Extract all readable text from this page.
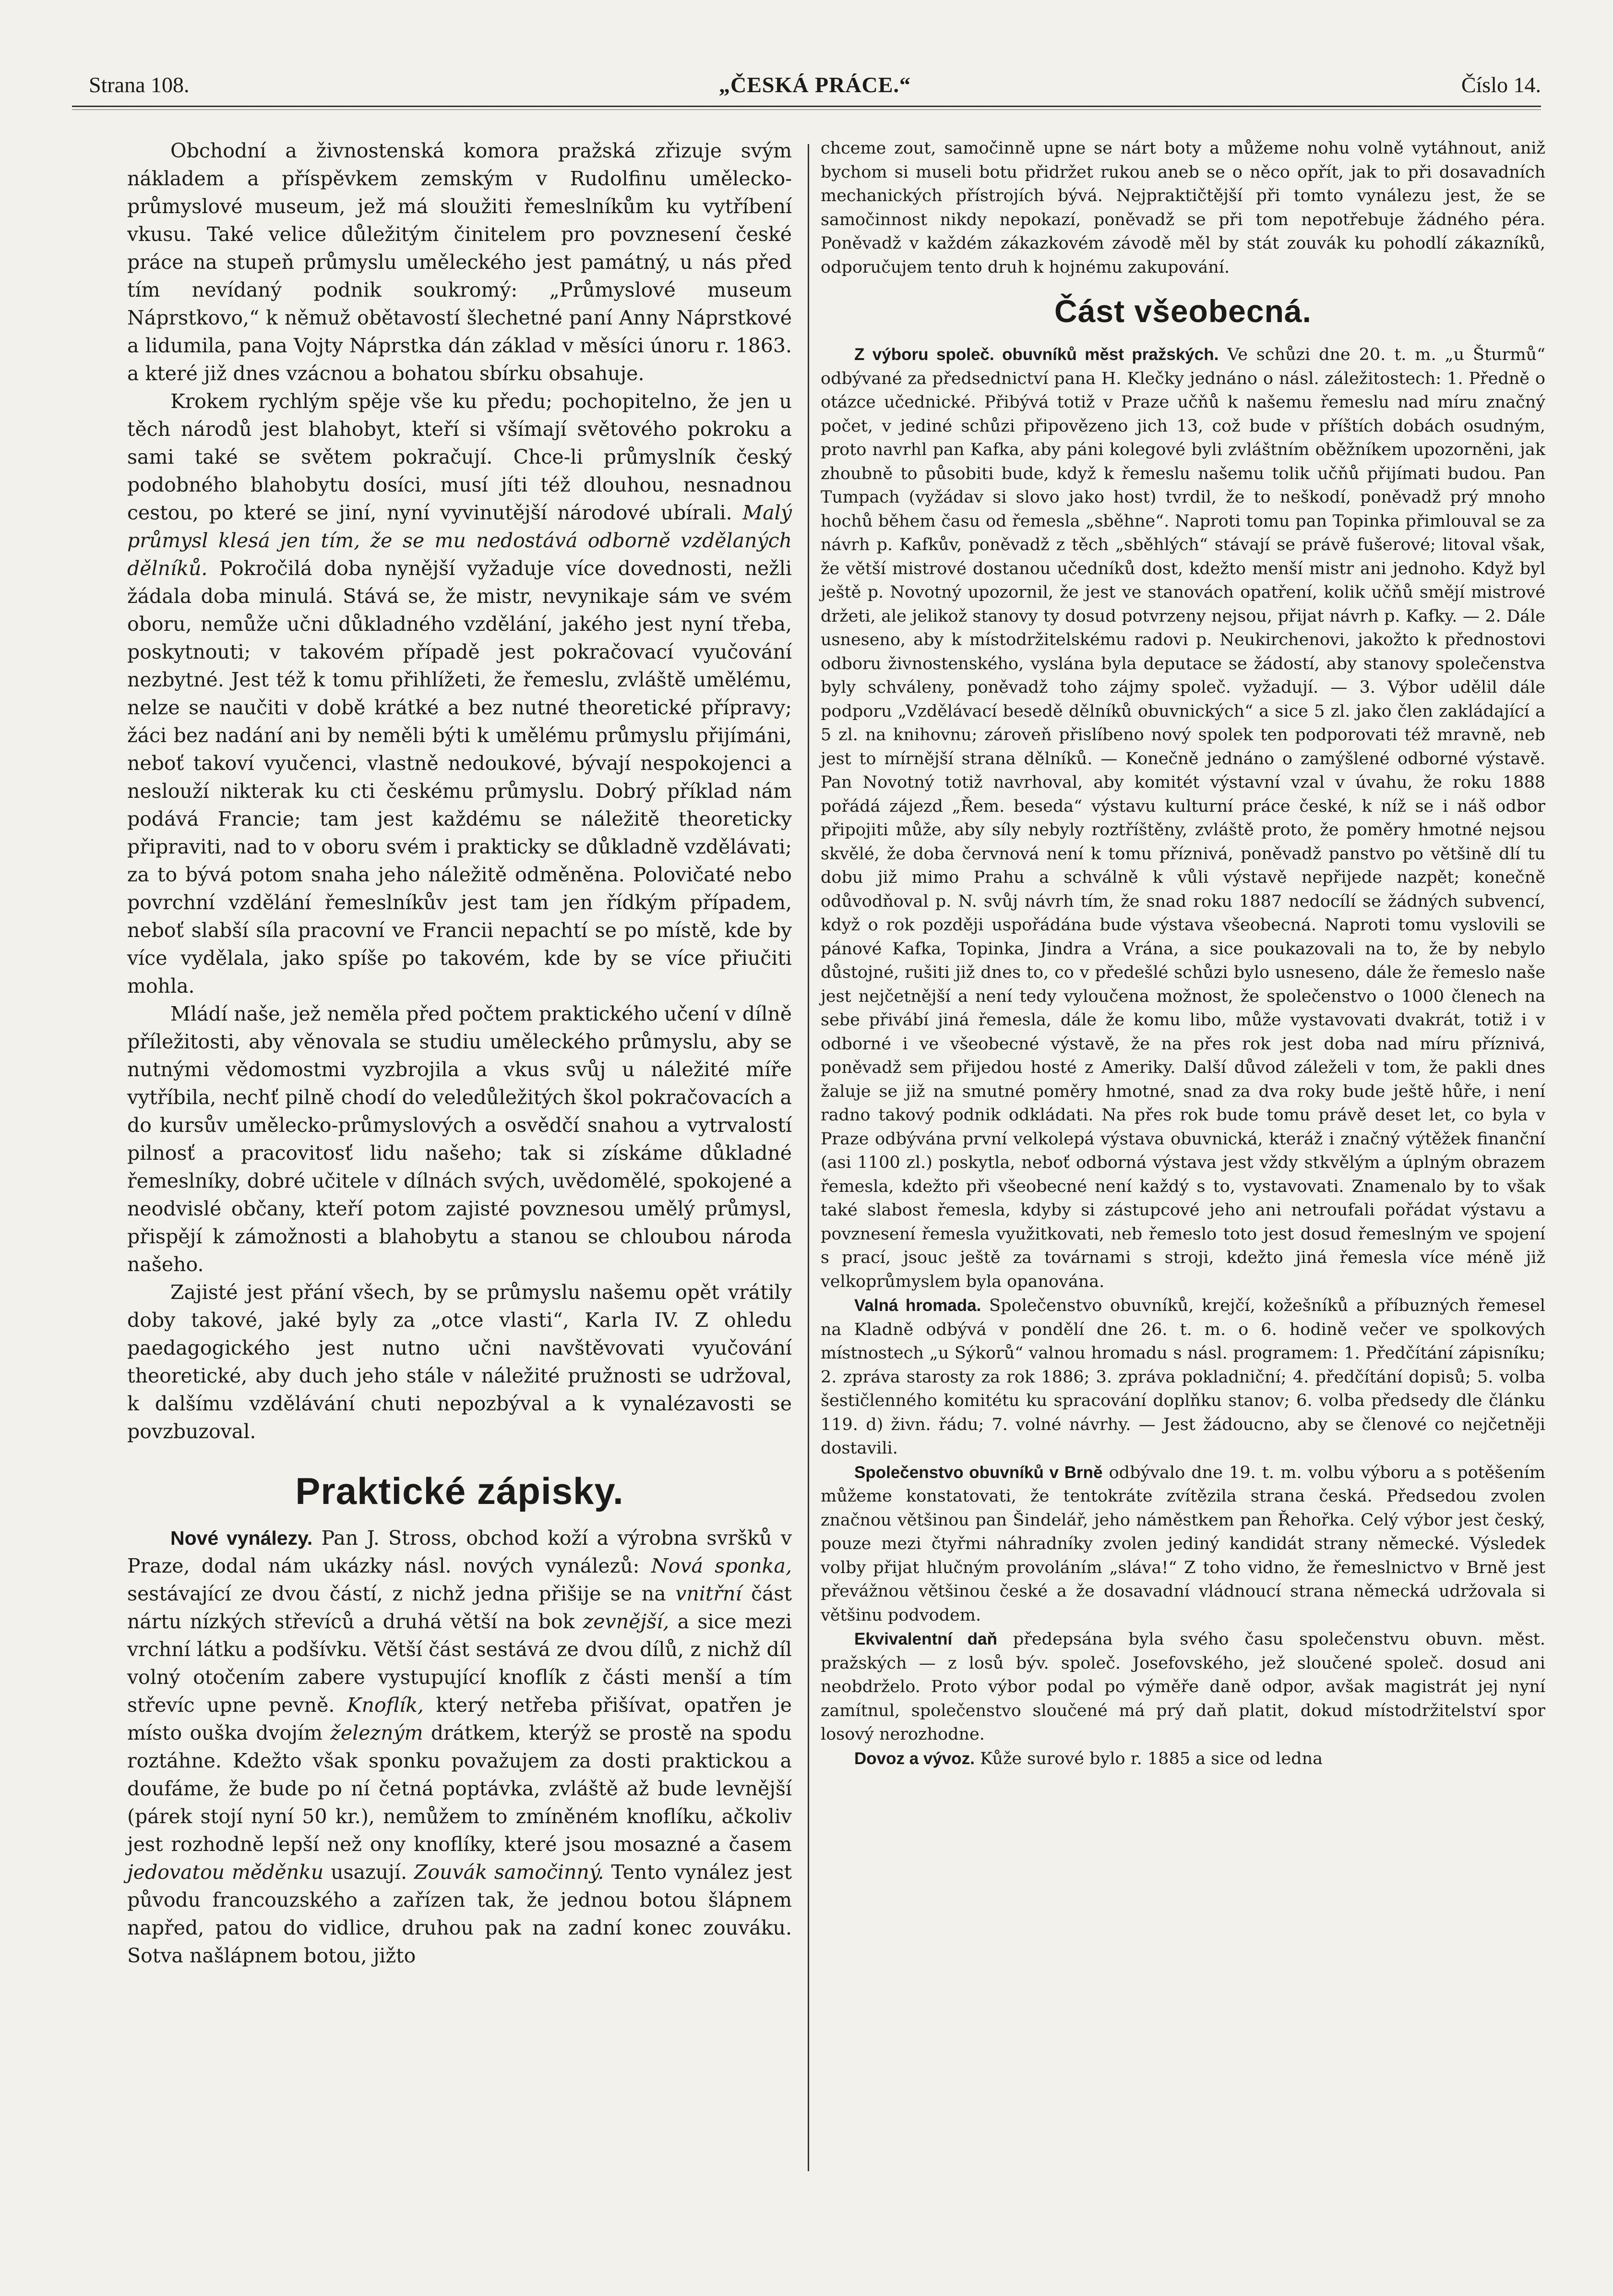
Strana 108.	„ČESKÁ PRÁCE.“	Číslo 14.

Obchodní a živnostenská komora pražská zřizuje svým nákladem a příspěvkem zemským v Rudolfinu umělecko-průmyslové museum, jež má sloužiti řemeslníkům ku vytříbení vkusu. Také velice důležitým činitelem pro povznesení české práce na stupeň průmyslu uměleckého jest památný, u nás před tím nevídaný podnik soukromý: „Průmyslové museum Náprstkovo,“ k němuž obětavostí šlechetné paní Anny Náprstkové a lidumila, pana Vojty Náprstka dán základ v měsíci únoru r. 1863. a které již dnes vzácnou a bohatou sbírku obsahuje.

Krokem rychlým spěje vše ku předu; pochopitelno, že jen u těch národů jest blahobyt, kteří si všímají světového pokroku a sami také se světem pokračují. Chce-li průmyslník český podobného blahobytu dosíci, musí jíti též dlouhou, nesnadnou cestou, po které se jiní, nyní vyvinutější národové ubírali. Malý průmysl klesá jen tím, že se mu nedostává odborně vzdělaných dělníků. Pokročilá doba nynější vyžaduje více dovednosti, nežli žádala doba minulá. Stává se, že mistr, nevynikaje sám ve svém oboru, nemůže učni důkladného vzdělání, jakého jest nyní třeba, poskytnouti; v takovém případě jest pokračovací vyučování nezbytné. Jest též k tomu přihlížeti, že řemeslu, zvláště umělému, nelze se naučiti v době krátké a bez nutné theoretické přípravy; žáci bez nadání ani by neměli býti k umělému průmyslu přijímáni, neboť takoví vyučenci, vlastně nedoukové, bývají nespokojenci a neslouží nikterak ku cti českému průmyslu. Dobrý příklad nám podává Francie; tam jest každému se náležitě theoreticky připraviti, nad to v oboru svém i prakticky se důkladně vzdělávati; za to bývá potom snaha jeho náležitě odměněna. Polovičaté nebo povrchní vzdělání řemeslníkův jest tam jen řídkým případem, neboť slabší síla pracovní ve Francii nepachtí se po místě, kde by více vydělala, jako spíše po takovém, kde by se více přiučiti mohla.

Mládí naše, jež neměla před počtem praktického učení v dílně příležitosti, aby věnovala se studiu uměleckého průmyslu, aby se nutnými vědomostmi vyzbrojila a vkus svůj u náležité míře vytříbila, nechť pilně chodí do veledůležitých škol pokračovacích a do kursův umělecko-průmyslových a osvědčí snahou a vytrvalostí pilnosť a pracovitosť lidu našeho; tak si získáme důkladné řemeslníky, dobré učitele v dílnách svých, uvědomělé, spokojené a neodvislé občany, kteří potom zajisté povznesou umělý průmysl, přispějí k zámožnosti a blahobytu a stanou se chloubou národa našeho.

Zajisté jest přání všech, by se průmyslu našemu opět vrátily doby takové, jaké byly za „otce vlasti“, Karla IV. Z ohledu paedagogického jest nutno učni navštěvovati vyučování theoretické, aby duch jeho stále v náležité pružnosti se udržoval, k dalšímu vzdělávání chuti nepozbýval a k vynalézavosti se povzbuzoval.

Praktické zápisky.

Nové vynálezy. Pan J. Stross, obchod koží a výrobna svršků v Praze, dodal nám ukázky násl. nových vynálezů: Nová sponka, sestávající ze dvou částí, z nichž jedna přišije se na vnitřní část nártu nízkých střevíců a druhá větší na bok zevnější, a sice mezi vrchní látku a podšívku. Větší část sestává ze dvou dílů, z nichž díl volný otočením zabere vystupující knoflík z části menší a tím střevíc upne pevně. Knoflík, který netřeba přišívat, opatřen je místo ouška dvojím železným drátkem, kterýž se prostě na spodu roztáhne. Kdežto však sponku považujem za dosti praktickou a doufáme, že bude po ní četná poptávka, zvláště až bude levnější (párek stojí nyní 50 kr.), nemůžem to zmíněném knoflíku, ačkoliv jest rozhodně lepší než ony knoflíky, které jsou mosazné a časem jedovatou měděnku usazují. Zouvák samočinný. Tento vynález jest původu francouzského a zařízen tak, že jednou botou šlápnem napřed, patou do vidlice, druhou pak na zadní konec zouváku. Sotva našlápnem botou, jižto

chceme zout, samočinně upne se nárt boty a můžeme nohu volně vytáhnout, aniž bychom si museli botu přidržet rukou aneb se o něco opřít, jak to při dosavadních mechanických přístrojích bývá. Nejpraktičtější při tomto vynálezu jest, že se samočinnost nikdy nepokazí, poněvadž se při tom nepotřebuje žádného péra. Poněvadž v každém zákazkovém závodě měl by stát zouvák ku pohodlí zákazníků, odporučujem tento druh k hojnému zakupování.

Část všeobecná.

Z výboru společ. obuvníků měst pražských. Ve schůzi dne 20. t. m. „u Šturmů“ odbývané za předsednictví pana H. Klečky jednáno o násl. záležitostech: 1. Předně o otázce učednické. Přibývá totiž v Praze učňů k našemu řemeslu nad míru značný počet, v jediné schůzi připovězeno jich 13, což bude v příštích dobách osudným, proto navrhl pan Kafka, aby páni kolegové byli zvláštním oběžníkem upozorněni, jak zhoubně to působiti bude, když k řemeslu našemu tolik učňů přijímati budou. Pan Tumpach (vyžádav si slovo jako host) tvrdil, že to neškodí, poněvadž prý mnoho hochů během času od řemesla „sběhne“. Naproti tomu pan Topinka přimlouval se za návrh p. Kafkův, poněvadž z těch „sběhlých“ stávají se právě fušerové; litoval však, že větší mistrové dostanou učedníků dost, kdežto menší mistr ani jednoho. Když byl ještě p. Novotný upozornil, že jest ve stanovách opatření, kolik učňů smějí mistrové držeti, ale jelikož stanovy ty dosud potvrzeny nejsou, přijat návrh p. Kafky. — 2. Dále usneseno, aby k místodržitelskému radovi p. Neukirchenovi, jakožto k přednostovi odboru živnostenského, vyslána byla deputace se žádostí, aby stanovy společenstva byly schváleny, poněvadž toho zájmy společ. vyžadují. — 3. Výbor udělil dále podporu „Vzdělávací besedě dělníků obuvnických“ a sice 5 zl. jako člen zakládající a 5 zl. na knihovnu; zároveň přislíbeno nový spolek ten podporovati též mravně, neb jest to mírnější strana dělníků. — Konečně jednáno o zamýšlené odborné výstavě. Pan Novotný totiž navrhoval, aby komitét výstavní vzal v úvahu, že roku 1888 pořádá zájezd „Řem. beseda“ výstavu kulturní práce české, k níž se i náš odbor připojiti může, aby síly nebyly roztříštěny, zvláště proto, že poměry hmotné nejsou skvělé, že doba červnová není k tomu příznivá, poněvadž panstvo po většině dlí tu dobu již mimo Prahu a schválně k vůli výstavě nepřijede nazpět; konečně odůvodňoval p. N. svůj návrh tím, že snad roku 1887 nedocílí se žádných subvencí, když o rok později uspořádána bude výstava všeobecná. Naproti tomu vyslovili se pánové Kafka, Topinka, Jindra a Vrána, a sice poukazovali na to, že by nebylo důstojné, rušiti již dnes to, co v předešlé schůzi bylo usneseno, dále že řemeslo naše jest nejčetnější a není tedy vyloučena možnost, že společenstvo o 1000 členech na sebe přivábí jiná řemesla, dále že komu libo, může vystavovati dvakrát, totiž i v odborné i ve všeobecné výstavě, že na přes rok jest doba nad míru příznivá, poněvadž sem přijedou hosté z Ameriky. Další důvod záleželi v tom, že pakli dnes žaluje se již na smutné poměry hmotné, snad za dva roky bude ještě hůře, i není radno takový podnik odkládati. Na přes rok bude tomu právě deset let, co byla v Praze odbývána první velkolepá výstava obuvnická, kteráž i značný výtěžek finanční (asi 1100 zl.) poskytla, neboť odborná výstava jest vždy stkvělým a úplným obrazem řemesla, kdežto při všeobecné není každý s to, vystavovati. Znamenalo by to však také slabost řemesla, kdyby si zástupcové jeho ani netroufali pořádat výstavu a povznesení řemesla využitkovati, neb řemeslo toto jest dosud řemeslným ve spojení s prací, jsouc ještě za továrnami s stroji, kdežto jiná řemesla více méně již velkoprůmyslem byla opanována.

Valná hromada. Společenstvo obuvníků, krejčí, kožešníků a příbuzných řemesel na Kladně odbývá v pondělí dne 26. t. m. o 6. hodině večer ve spolkových místnostech „u Sýkorů“ valnou hromadu s násl. programem: 1. Předčítání zápisníku; 2. zpráva starosty za rok 1886; 3. zpráva pokladniční; 4. předčítání dopisů; 5. volba šestičlenného komitétu ku spracování doplňku stanov; 6. volba předsedy dle článku 119. d) živn. řádu; 7. volné návrhy. — Jest žádoucno, aby se členové co nejčetněji dostavili.

Společenstvo obuvníků v Brně odbývalo dne 19. t. m. volbu výboru a s potěšením můžeme konstatovati, že tentokráte zvítězila strana česká. Předsedou zvolen značnou většinou pan Šindelář, jeho náměstkem pan Řehořka. Celý výbor jest český, pouze mezi čtyřmi náhradníky zvolen jediný kandidát strany německé. Výsledek volby přijat hlučným provoláním „sláva!“ Z toho vidno, že řemeslnictvo v Brně jest převážnou většinou české a že dosavadní vládnoucí strana německá udržovala si většinu podvodem.

Ekvivalentní daň předepsána byla svého času společenstvu obuvn. měst. pražských — z losů býv. společ. Josefovského, jež sloučené společ. dosud ani neobdrželo. Proto výbor podal po výměře daně odpor, avšak magistrát jej nyní zamítnul, společenstvo sloučené má prý daň platit, dokud místodržitelství spor losový nerozhodne.

Dovoz a vývoz. Kůže surové bylo r. 1885 a sice od ledna
